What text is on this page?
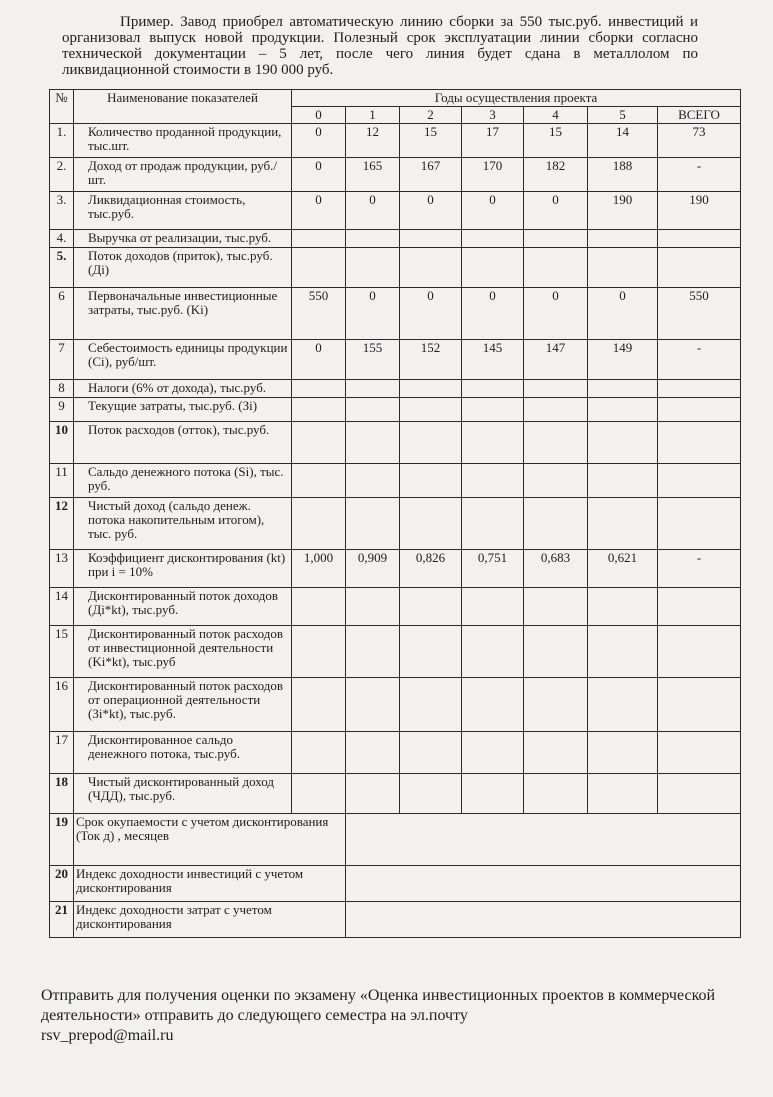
Пример. Завод приобрел автоматическую линию сборки за 550 тыс.руб. инвестиций и организовал выпуск новой продукции. Полезный срок эксплуатации линии сборки согласно технической документации – 5 лет, после чего линия будет сдана в металлолом по ликвидационной стоимости в 190 000 руб.
№	Наименование показателей	Годы осуществления проекта						
		0	1	2	3	4	5	ВСЕГО
1.	Количество проданной продукции, тыс.шт.	0	12	15	17	15	14	73
2.	Доход от продаж продукции, руб./шт.	0	165	167	170	182	188	-
3.	Ликвидационная стоимость, тыс.руб.	0	0	0	0	0	190	190
4.	Выручка от реализации, тыс.руб.							
5.	Поток доходов (приток), тыс.руб. (Дi)							
6	Первоначальные инвестиционные затраты, тыс.руб. (Ki)	550	0	0	0	0	0	550
7	Себестоимость единицы продукции (Сi), руб/шт.	0	155	152	145	147	149	-
8	Налоги (6% от дохода), тыс.руб.							
9	Текущие затраты, тыс.руб. (Зi)							
10	Поток расходов (отток), тыс.руб.							
11	Сальдо денежного потока (Si), тыс. руб.							
12	Чистый доход (сальдо денеж. потока накопительным итогом), тыс. руб.							
13	Коэффициент дисконтирования (kt) при i = 10%	1,000	0,909	0,826	0,751	0,683	0,621	-
14	Дисконтированный поток доходов (Дi*kt), тыс.руб.							
15	Дисконтированный поток расходов от инвестиционной деятельности (Ki*kt), тыс.руб							
16	Дисконтированный поток расходов от операционной деятельности (Зi*kt), тыс.руб.							
17	Дисконтированное сальдо денежного потока, тыс.руб.							
18	Чистый дисконтированный доход (ЧДД), тыс.руб.							
19	Срок окупаемости с учетом дисконтирования (Ток д) , месяцев							
20	Индекс доходности инвестиций с учетом дисконтирования							
21	Индекс доходности затрат с учетом дисконтирования							
Отправить для получения оценки по экзамену «Оценка инвестиционных проектов в коммерческой деятельности» отправить до следующего семестра на эл.почту
rsv_prepod@mail.ru
